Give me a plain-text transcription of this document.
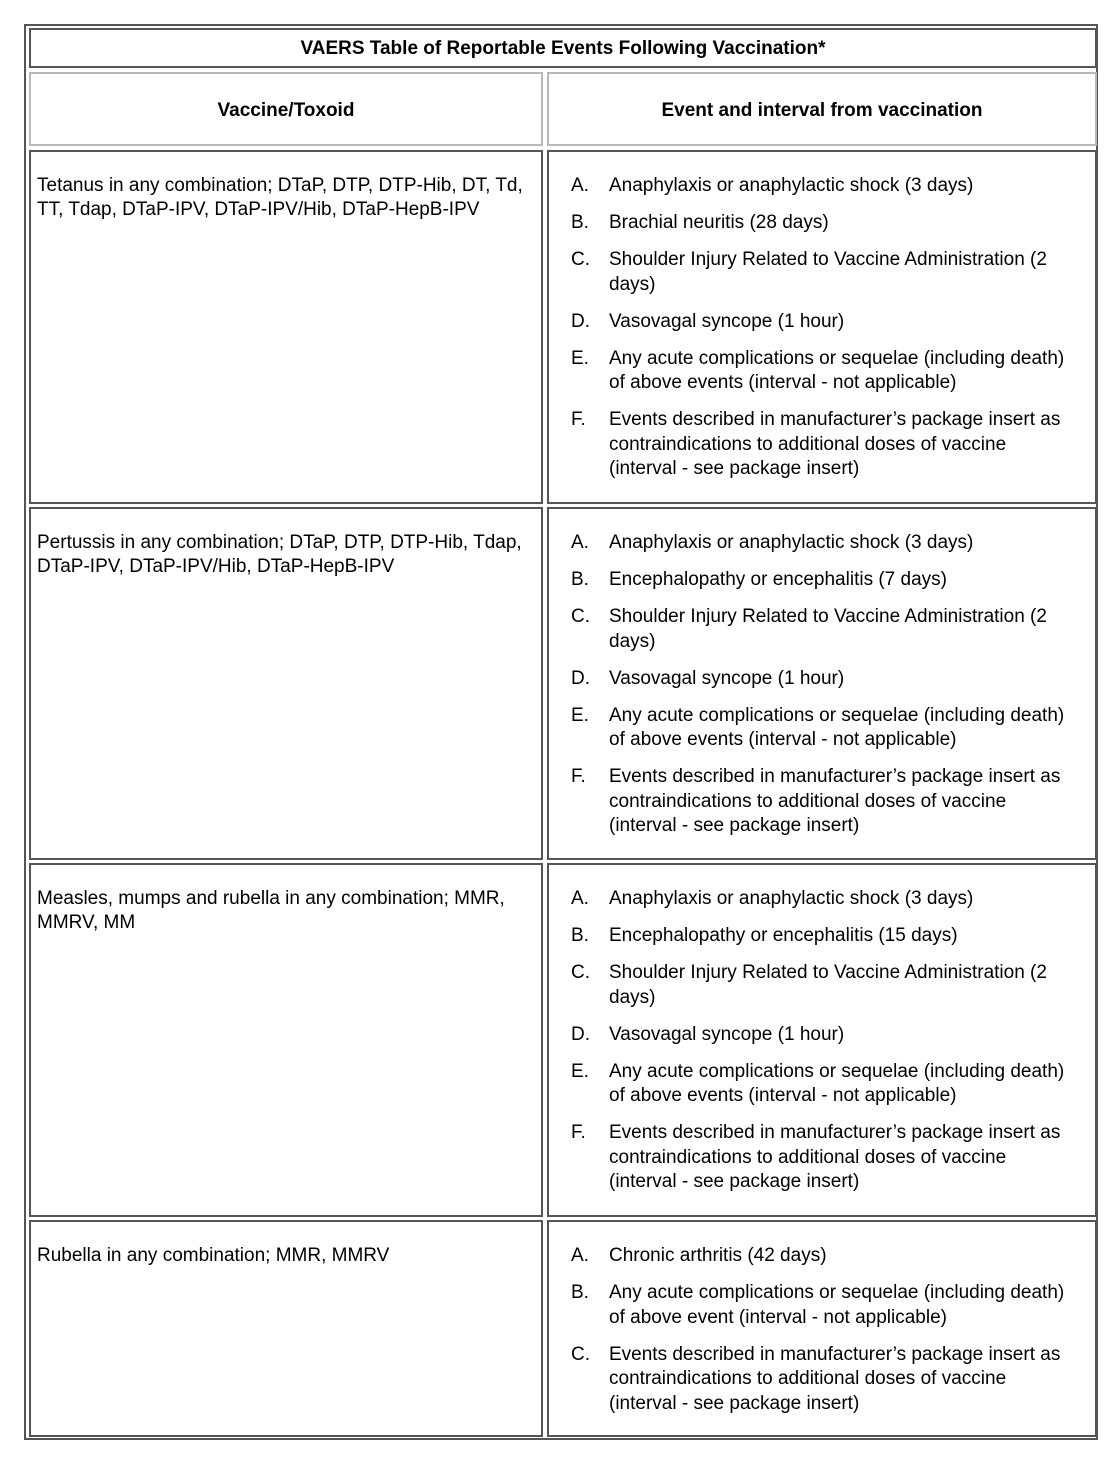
VAERS Table of Reportable Events Following Vaccination*
Vaccine/Toxoid	Event and interval from vaccination
Tetanus in any combination; DTaP, DTP, DTP-Hib, DT, Td, TT, Tdap, DTaP-IPV, DTaP-IPV/Hib, DTaP-HepB-IPV
A.	Anaphylaxis or anaphylactic shock (3 days)
B.	Brachial neuritis (28 days)
C.	Shoulder Injury Related to Vaccine Administration (2 days)
D.	Vasovagal syncope (1 hour)
E.	Any acute complications or sequelae (including death) of above events (interval - not applicable)
F.	Events described in manufacturer’s package insert as contraindications to additional doses of vaccine (interval - see package insert)
Pertussis in any combination; DTaP, DTP, DTP-Hib, Tdap, DTaP-IPV, DTaP-IPV/Hib, DTaP-HepB-IPV
A.	Anaphylaxis or anaphylactic shock (3 days)
B.	Encephalopathy or encephalitis (7 days)
C.	Shoulder Injury Related to Vaccine Administration (2 days)
D.	Vasovagal syncope (1 hour)
E.	Any acute complications or sequelae (including death) of above events (interval - not applicable)
F.	Events described in manufacturer’s package insert as contraindications to additional doses of vaccine (interval - see package insert)
Measles, mumps and rubella in any combination; MMR, MMRV, MM
A.	Anaphylaxis or anaphylactic shock (3 days)
B.	Encephalopathy or encephalitis (15 days)
C.	Shoulder Injury Related to Vaccine Administration (2 days)
D.	Vasovagal syncope (1 hour)
E.	Any acute complications or sequelae (including death) of above events (interval - not applicable)
F.	Events described in manufacturer’s package insert as contraindications to additional doses of vaccine (interval - see package insert)
Rubella in any combination; MMR, MMRV	A.	Chronic arthritis (42 days)
B.	Any acute complications or sequelae (including death) of above event (interval - not applicable)
C.	Events described in manufacturer’s package insert as contraindications to additional doses of vaccine (interval - see package insert)
